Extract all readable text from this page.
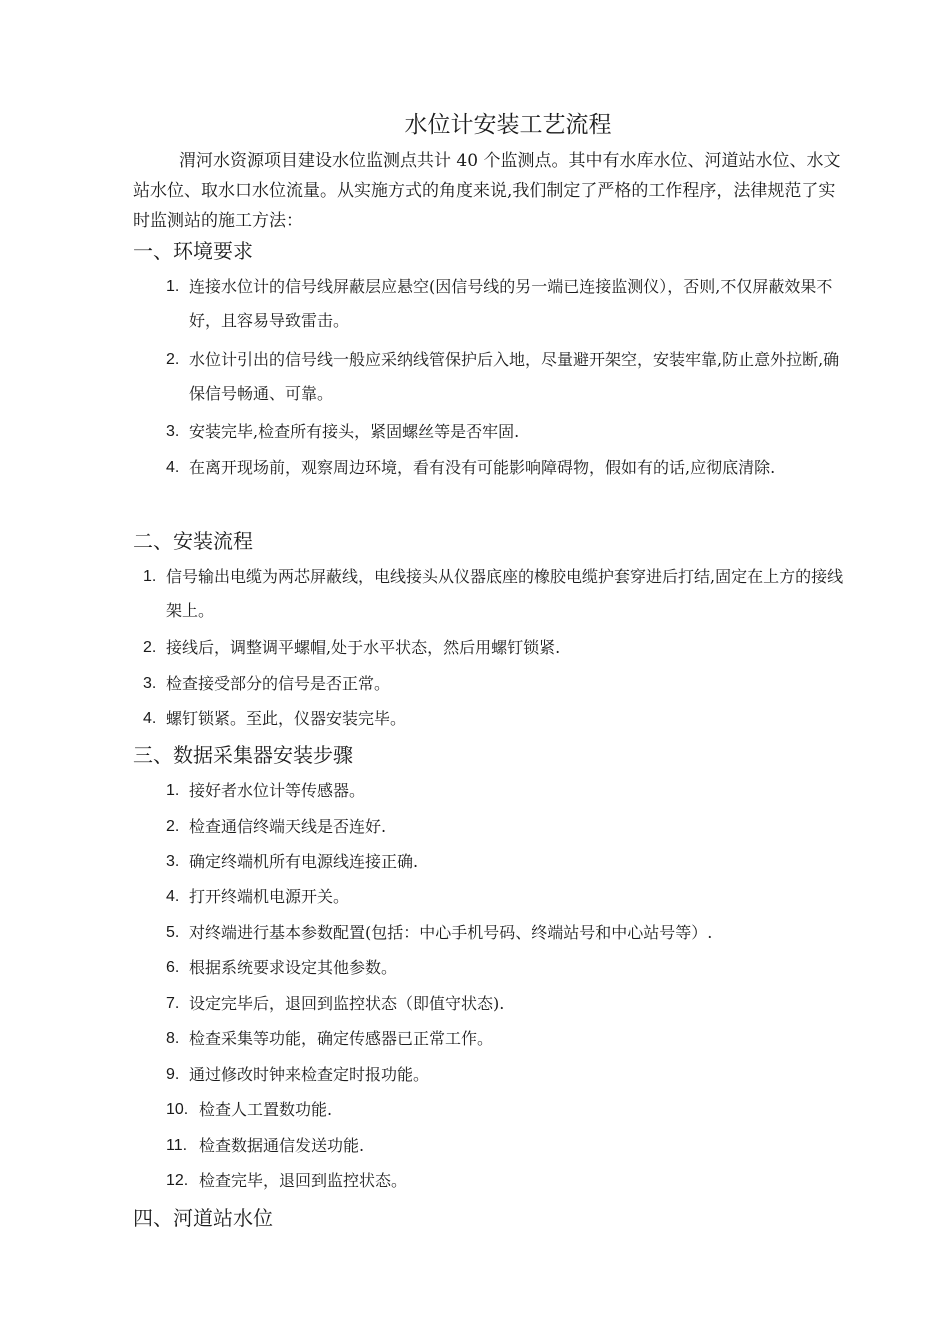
水位计安装工艺流程

渭河水资源项目建设水位监测点共计 40 个监测点。其中有水库水位、河道站水位、水文站水位、取水口水位流量。从实施方式的角度来说,我们制定了严格的工作程序，法律规范了实时监测站的施工方法：

一、环境要求
1. 连接水位计的信号线屏蔽层应悬空(因信号线的另一端已连接监测仪），否则,不仅屏蔽效果不好，且容易导致雷击。
2. 水位计引出的信号线一般应采纳线管保护后入地，尽量避开架空，安装牢靠,防止意外拉断,确保信号畅通、可靠。
3. 安装完毕,检查所有接头，紧固螺丝等是否牢固.
4. 在离开现场前，观察周边环境，看有没有可能影响障碍物，假如有的话,应彻底清除.
二、安装流程
1. 信号输出电缆为两芯屏蔽线，电线接头从仪器底座的橡胶电缆护套穿进后打结,固定在上方的接线架上。
2. 接线后，调整调平螺帽,处于水平状态，然后用螺钉锁紧.
3. 检查接受部分的信号是否正常。
4. 螺钉锁紧。至此，仪器安装完毕。
三、数据采集器安装步骤
1. 接好者水位计等传感器。
2. 检查通信终端天线是否连好.
3. 确定终端机所有电源线连接正确.
4. 打开终端机电源开关。
5. 对终端进行基本参数配置(包括：中心手机号码、终端站号和中心站号等）.
6. 根据系统要求设定其他参数。
7. 设定完毕后，退回到监控状态（即值守状态).
8. 检查采集等功能，确定传感器已正常工作。
9. 通过修改时钟来检查定时报功能。
10. 检查人工置数功能.
11. 检查数据通信发送功能.
12. 检查完毕，退回到监控状态。
四、河道站水位
